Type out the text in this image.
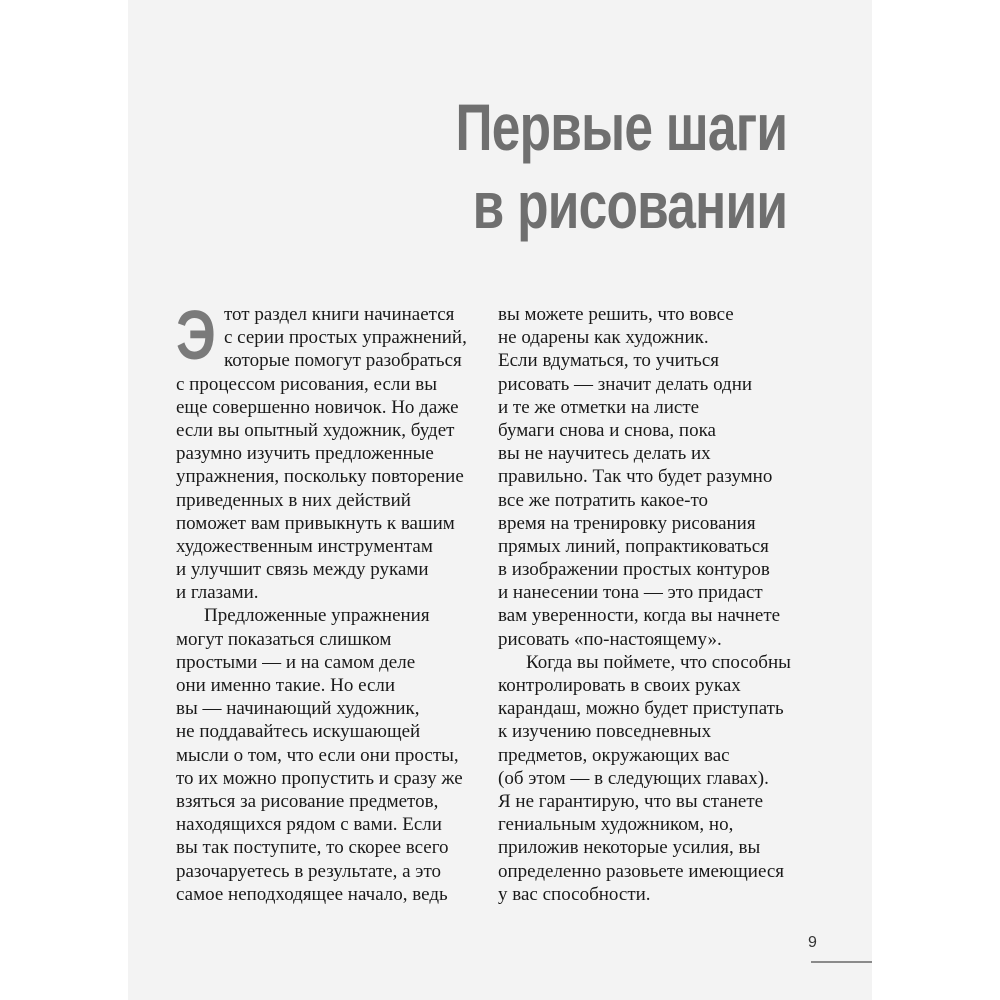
Первые шаги
в рисовании
Э тот раздел книги начинается
с серии простых упражнений,
которые помогут разобраться
с процессом рисования, если вы
еще совершенно новичок. Но даже
если вы опытный художник, будет
разумно изучить предложенные
упражнения, поскольку повторение
приведенных в них действий
поможет вам привыкнуть к вашим
художественным инструментам
и улучшит связь между руками
и глазами.
Предложенные упражнения
могут показаться слишком
простыми — и на самом деле
они именно такие. Но если
вы — начинающий художник,
не поддавайтесь искушающей
мысли о том, что если они просты,
то их можно пропустить и сразу же
взяться за рисование предметов,
находящихся рядом с вами. Если
вы так поступите, то скорее всего
разочаруетесь в результате, а это
самое неподходящее начало, ведь
вы можете решить, что вовсе
не одарены как художник.
Если вдуматься, то учиться
рисовать — значит делать одни
и те же отметки на листе
бумаги снова и снова, пока
вы не научитесь делать их
правильно. Так что будет разумно
все же потратить какое-то
время на тренировку рисования
прямых линий, попрактиковаться
в изображении простых контуров
и нанесении тона — это придаст
вам уверенности, когда вы начнете
рисовать «по-настоящему».
Когда вы поймете, что способны
контролировать в своих руках
карандаш, можно будет приступать
к изучению повседневных
предметов, окружающих вас
(об этом — в следующих главах).
Я не гарантирую, что вы станете
гениальным художником, но,
приложив некоторые усилия, вы
определенно разовьете имеющиеся
у вас способности.
9
